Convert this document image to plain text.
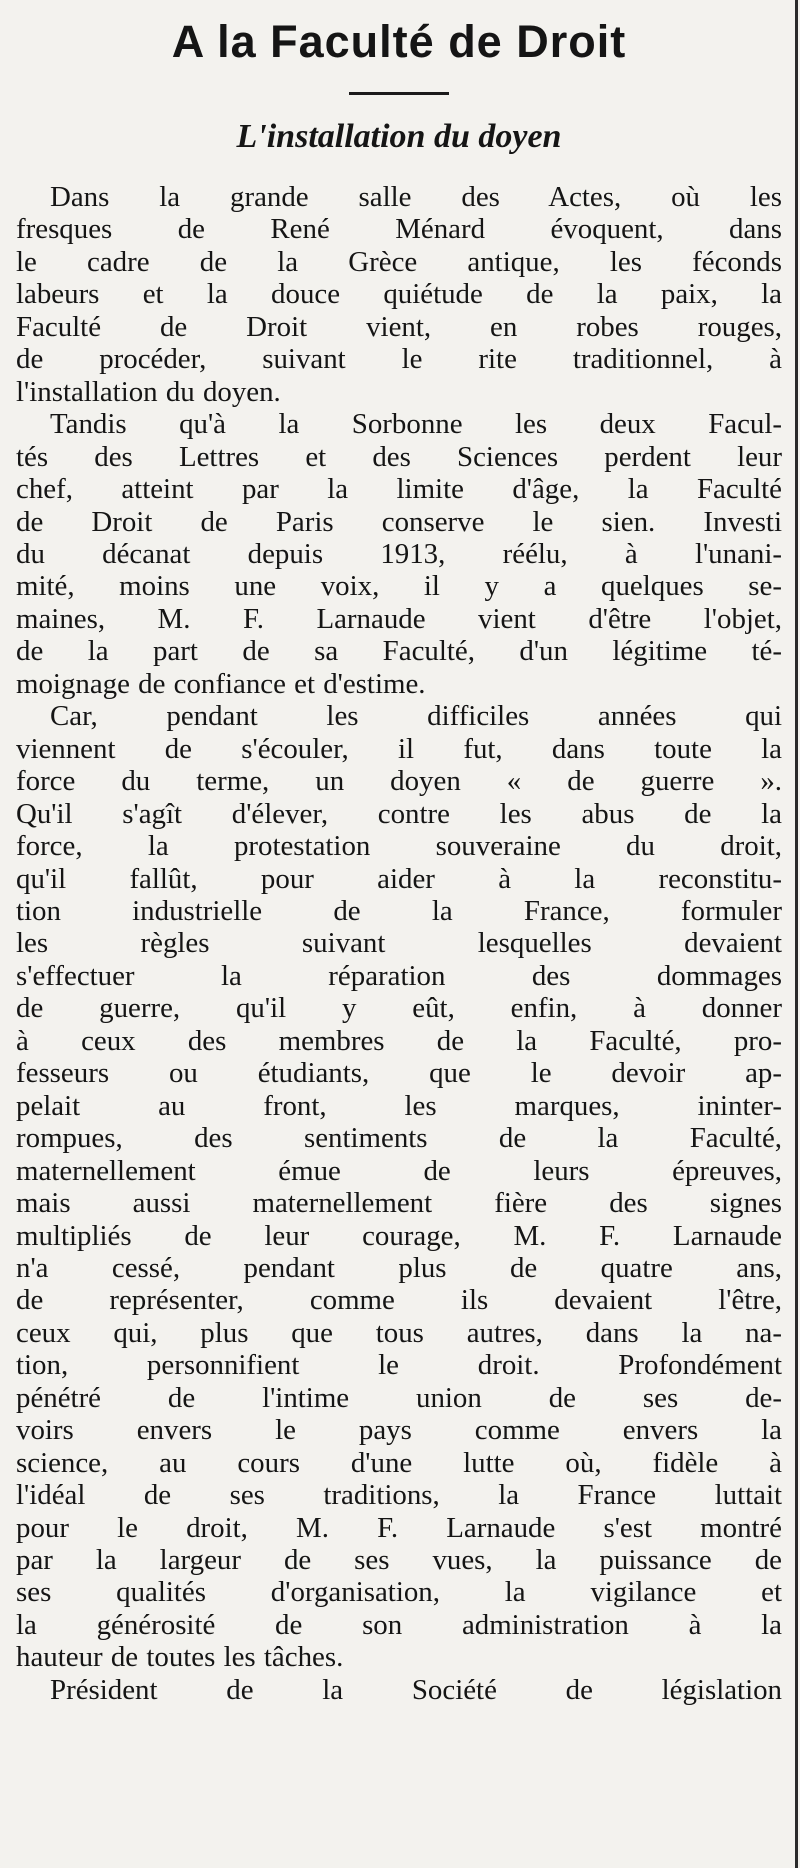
A la Faculté de Droit
L'installation du doyen

Dans la grande salle des Actes, où les
fresques de René Ménard évoquent, dans
le cadre de la Grèce antique, les féconds
labeurs et la douce quiétude de la paix, la
Faculté de Droit vient, en robes rouges,
de procéder, suivant le rite traditionnel, à
l'installation du doyen.

Tandis qu'à la Sorbonne les deux Facul-
tés des Lettres et des Sciences perdent leur
chef, atteint par la limite d'âge, la Faculté
de Droit de Paris conserve le sien. Investi
du décanat depuis 1913, réélu, à l'unani-
mité, moins une voix, il y a quelques se-
maines, M. F. Larnaude vient d'être l'objet,
de la part de sa Faculté, d'un légitime té-
moignage de confiance et d'estime.

Car, pendant les difficiles années qui
viennent de s'écouler, il fut, dans toute la
force du terme, un doyen « de guerre ».
Qu'il s'agît d'élever, contre les abus de la
force, la protestation souveraine du droit,
qu'il fallût, pour aider à la reconstitu-
tion industrielle de la France, formuler
les règles suivant lesquelles devaient
s'effectuer la réparation des dommages
de guerre, qu'il y eût, enfin, à donner
à ceux des membres de la Faculté, pro-
fesseurs ou étudiants, que le devoir ap-
pelait au front, les marques, ininter-
rompues, des sentiments de la Faculté,
maternellement émue de leurs épreuves,
mais aussi maternellement fière des signes
multipliés de leur courage, M. F. Larnaude
n'a cessé, pendant plus de quatre ans,
de représenter, comme ils devaient l'être,
ceux qui, plus que tous autres, dans la na-
tion, personnifient le droit. Profondément
pénétré de l'intime union de ses de-
voirs envers le pays comme envers la
science, au cours d'une lutte où, fidèle à
l'idéal de ses traditions, la France luttait
pour le droit, M. F. Larnaude s'est montré
par la largeur de ses vues, la puissance de
ses qualités d'organisation, la vigilance et
la générosité de son administration à la
hauteur de toutes les tâches.

Président de la Société de législation
